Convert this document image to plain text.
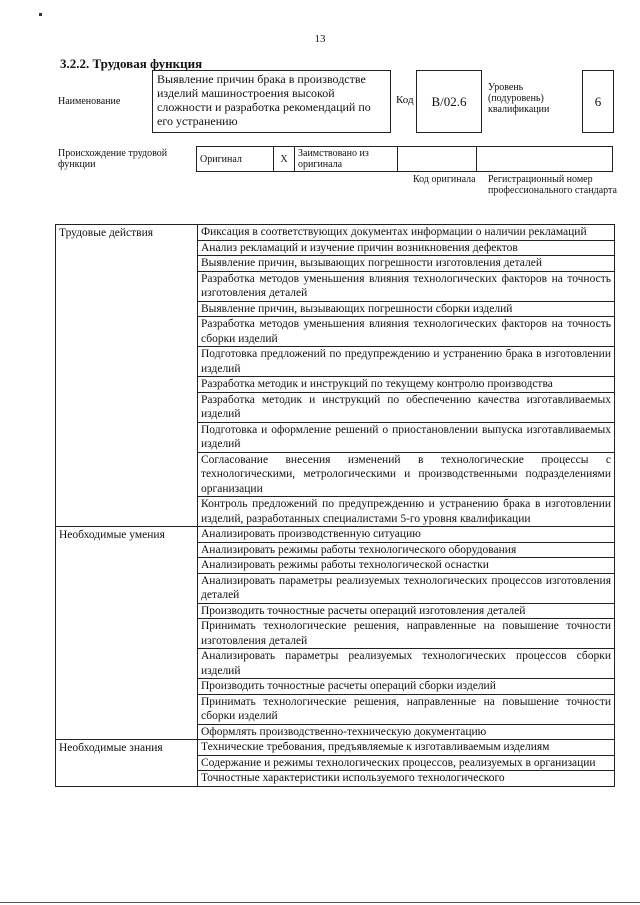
13
3.2.2. Трудовая функция
Наименование
Выявление причин брака в производстве изделий машиностроения высокой сложности и разработка рекомендаций по его устранению
Код	В/02.6
Уровень (подуровень) квалификации
6
Происхождение трудовой функции	Оригинал	X	Заимствовано из оригинала		
Код оригинала Регистрационный номер профессионального стандарта
Трудовые действия	Фиксация в соответствующих документах информации о наличии рекламаций
	Анализ рекламаций и изучение причин возникновения дефектов
	Выявление причин, вызывающих погрешности изготовления деталей
	Разработка методов уменьшения влияния технологических факторов на точность изготовления деталей
	Выявление причин, вызывающих погрешности сборки изделий
	Разработка методов уменьшения влияния технологических факторов на точность сборки изделий
	Подготовка предложений по предупреждению и устранению брака в изготовлении изделий
	Разработка методик и инструкций по текущему контролю производства
	Разработка методик и инструкций по обеспечению качества изготавливаемых изделий
	Подготовка и оформление решений о приостановлении выпуска изготавливаемых изделий
	Согласование внесения изменений в технологические процессы с технологическими, метрологическими и производственными подразделениями организации
	Контроль предложений по предупреждению и устранению брака в изготовлении изделий, разработанных специалистами 5-го уровня квалификации
Необходимые умения	Анализировать производственную ситуацию
	Анализировать режимы работы технологического оборудования
	Анализировать режимы работы технологической оснастки
	Анализировать параметры реализуемых технологических процессов изготовления деталей
	Производить точностные расчеты операций изготовления деталей
	Принимать технологические решения, направленные на повышение точности изготовления деталей
	Анализировать параметры реализуемых технологических процессов сборки изделий
	Производить точностные расчеты операций сборки изделий
	Принимать технологические решения, направленные на повышение точности сборки изделий
	Оформлять производственно-техническую документацию
Необходимые знания	Технические требования, предъявляемые к изготавливаемым изделиям
	Содержание и режимы технологических процессов, реализуемых в организации
	Точностные характеристики используемого технологического
